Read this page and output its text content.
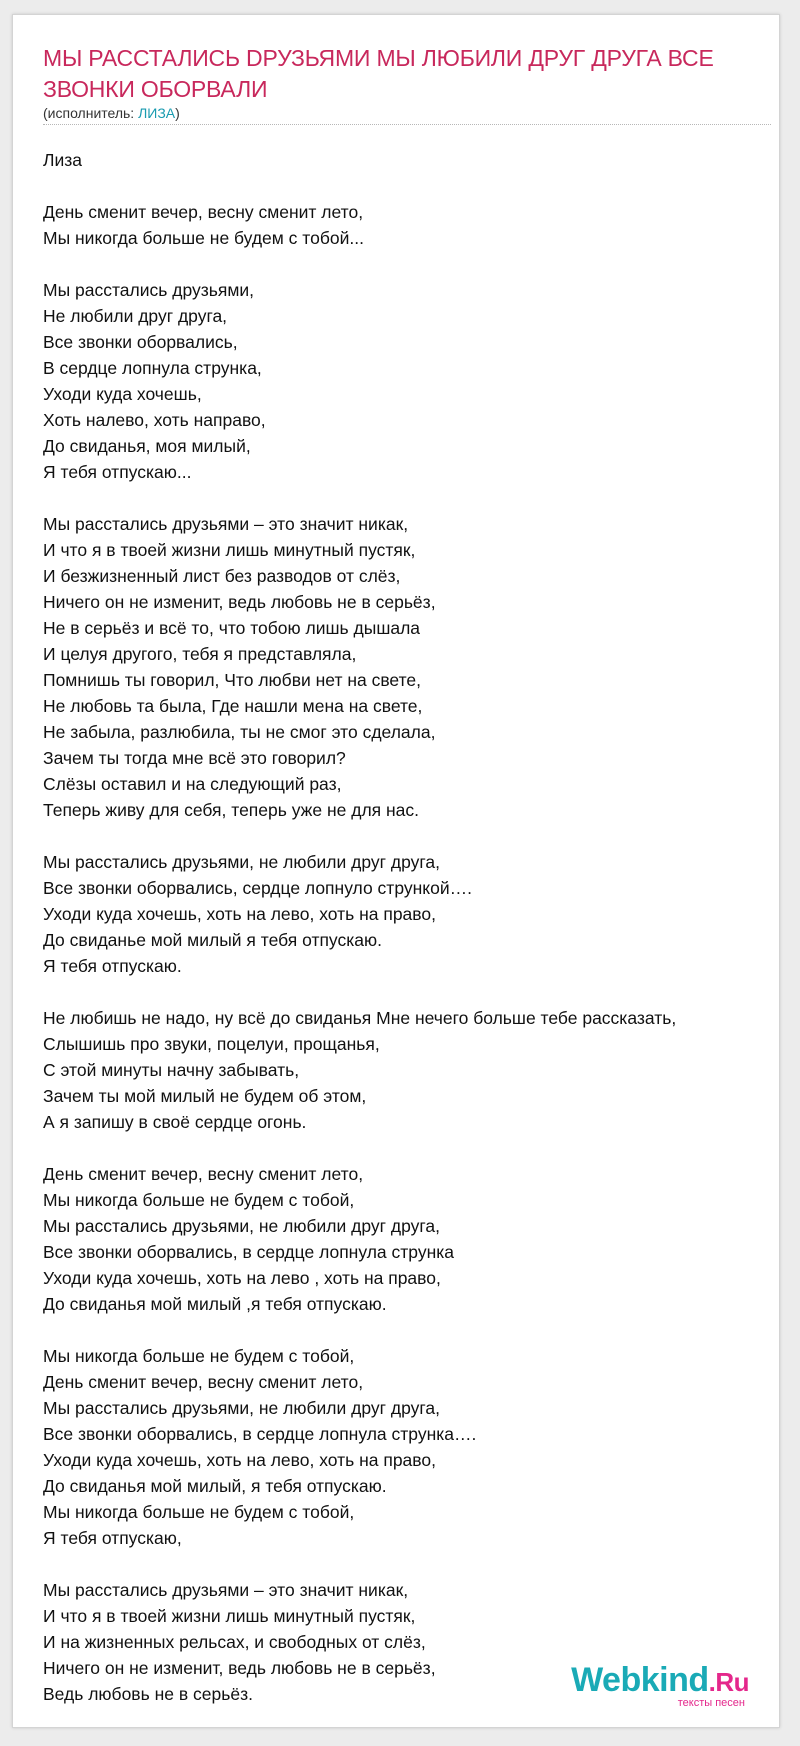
МЫ РАССТАЛИСЬ DРУЗЬЯМИ МЫ ЛЮБИЛИ ДРУГ ДРУГА ВСЕ ЗВОНКИ ОБОРВАЛИ
(исполнитель: ЛИЗА)
Лиза
День сменит вечер, весну сменит лето,
Мы никогда больше не будем с тобой...
Мы расстались друзьями,
Не любили друг друга,
Все звонки оборвались,
В сердце лопнула струнка,
Уходи куда хочешь,
Хоть налево, хоть направо,
До свиданья, моя милый,
Я тебя отпускаю...
Мы расстались друзьями – это значит никак,
И что я в твоей жизни лишь минутный пустяк,
И безжизненный лист без разводов от слёз,
Ничего он не изменит, ведь любовь не в серьёз,
Не в серьёз и всё то, что тобою лишь дышала
И целуя другого, тебя я представляла,
Помнишь ты говорил, Что любви нет на свете,
Не любовь та была, Где нашли мена на свете,
Не забыла, разлюбила, ты не смог это сделала,
Зачем ты тогда мне всё это говорил?
Слёзы оставил и на следующий раз,
Теперь живу для себя, теперь уже не для нас.
Мы расстались друзьями, не любили друг друга,
Все звонки оборвались, сердце лопнуло стрункой….
Уходи куда хочешь, хоть на лево, хоть на право,
До свиданье мой милый я тебя отпускаю.
Я тебя отпускаю.
Не любишь не надо, ну всё до свиданья Мне нечего больше тебе рассказать,
Слышишь про звуки, поцелуи, прощанья,
С этой минуты начну забывать,
Зачем ты мой милый не будем об этом,
А я запишу в своё сердце огонь.
День сменит вечер, весну сменит лето,
Мы никогда больше не будем с тобой,
Мы расстались друзьями, не любили друг друга,
Все звонки оборвались, в сердце лопнула струнка
Уходи куда хочешь, хоть на лево , хоть на право,
До свиданья мой милый ,я тебя отпускаю.
Мы никогда больше не будем с тобой,
День сменит вечер, весну сменит лето,
Мы расстались друзьями, не любили друг друга,
Все звонки оборвались, в сердце лопнула струнка….
Уходи куда хочешь, хоть на лево, хоть на право,
До свиданья мой милый, я тебя отпускаю.
Мы никогда больше не будем с тобой,
Я тебя отпускаю,
Мы расстались друзьями – это значит никак,
И что я в твоей жизни лишь минутный пустяк,
И на жизненных рельсах, и свободных от слёз,
Ничего он не изменит, ведь любовь не в серьёз,
Ведь любовь не в серьёз.	Webkind.Ru
тексты песен
